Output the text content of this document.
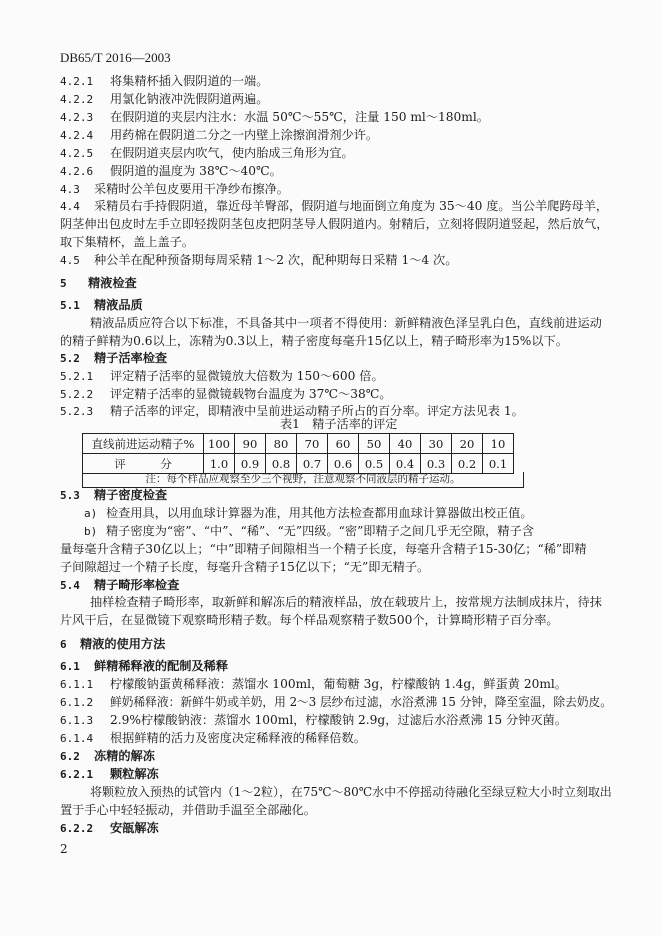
DB65/T 2016—2003
4.2.1 将集精杯插入假阴道的一端。
4.2.2 用氯化钠液冲洗假阴道两遍。
4.2.3 在假阴道的夹层内注水：水温 50℃～55℃，注量 150 ml～180ml。
4.2.4 用药棉在假阴道二分之一内壁上涂擦润滑剂少许。
4.2.5 在假阴道夹层内吹气，使内胎成三角形为宜。
4.2.6 假阴道的温度为 38℃～40℃。
4.3 采精时公羊包皮要用干净纱布擦净。
4.4 采精员右手持假阴道，靠近母羊臀部，假阴道与地面倒立角度为 35～40 度。当公羊爬跨母羊，
阴茎伸出包皮时左手立即轻拨阴茎包皮把阴茎导人假阴道内。射精后，立刻将假阴道竖起，然后放气，
取下集精杯，盖上盖子。
4.5 种公羊在配种预备期每周采精 1～2 次，配种期每日采精 1～4 次。
5 精液检查
5.1 精液品质
精液品质应符合以下标准，不具备其中一项者不得使用：新鲜精液色泽呈乳白色，直线前进运动
的精子鲜精为0.6以上，冻精为0.3以上，精子密度每毫升15亿以上，精子畸形率为15%以下。
5.2 精子活率检查
5.2.1 评定精子活率的显微镜放大倍数为 150～600 倍。
5.2.2 评定精子活率的显微镜载物台温度为 37℃～38℃。
5.2.3 精子活率的评定，即精液中呈前进运动精子所占的百分率。评定方法见表 1。
表1　精子活率的评定
直线前进运动精子%	100	90	80	70	60	50	40	30	20	10
评　　　分	1.0	0.9	0.8	0.7	0.6	0.5	0.4	0.3	0.2	0.1
注：每个样品应观察至少三个视野，注意观察不同液层的精子运动。
5.3 精子密度检查
a) 检查用具，以用血球计算器为准，用其他方法检查都用血球计算器做出校正值。
b) 精子密度为“密”、“中”、“稀”、“无”四级。“密”即精子之间几乎无空隙，精子含
量每毫升含精子30亿以上；“中”即精子间隙相当一个精子长度，每毫升含精子15-30亿；“稀”即精
子间隙超过一个精子长度，每毫升含精子15亿以下；“无”即无精子。
5.4 精子畸形率检查
抽样检查精子畸形率，取新鲜和解冻后的精液样品，放在载玻片上，按常规方法制成抹片，待抹
片风干后，在显微镜下观察畸形精子数。每个样品观察精子数500个，计算畸形精子百分率。
6 精液的使用方法
6.1 鲜精稀释液的配制及稀释
6.1.1 柠檬酸钠蛋黄稀释液：蒸馏水 100ml，葡萄糖 3g，柠檬酸钠 1.4g，鲜蛋黄 20ml。
6.1.2 鲜奶稀释液：新鲜牛奶或羊奶，用 2～3 层纱布过滤，水浴煮沸 15 分钟，降至室温，除去奶皮。
6.1.3 2.9%柠檬酸钠液：蒸馏水 100ml，柠檬酸钠 2.9g，过滤后水浴煮沸 15 分钟灭菌。
6.1.4 根据鲜精的活力及密度决定稀释液的稀释倍数。
6.2 冻精的解冻
6.2.1 颗粒解冻
将颗粒放入预热的试管内（1～2粒），在75℃～80℃水中不停摇动待融化至绿豆粒大小时立刻取出
置于手心中轻轻振动，并借助手温至全部融化。
6.2.2 安瓿解冻
2
